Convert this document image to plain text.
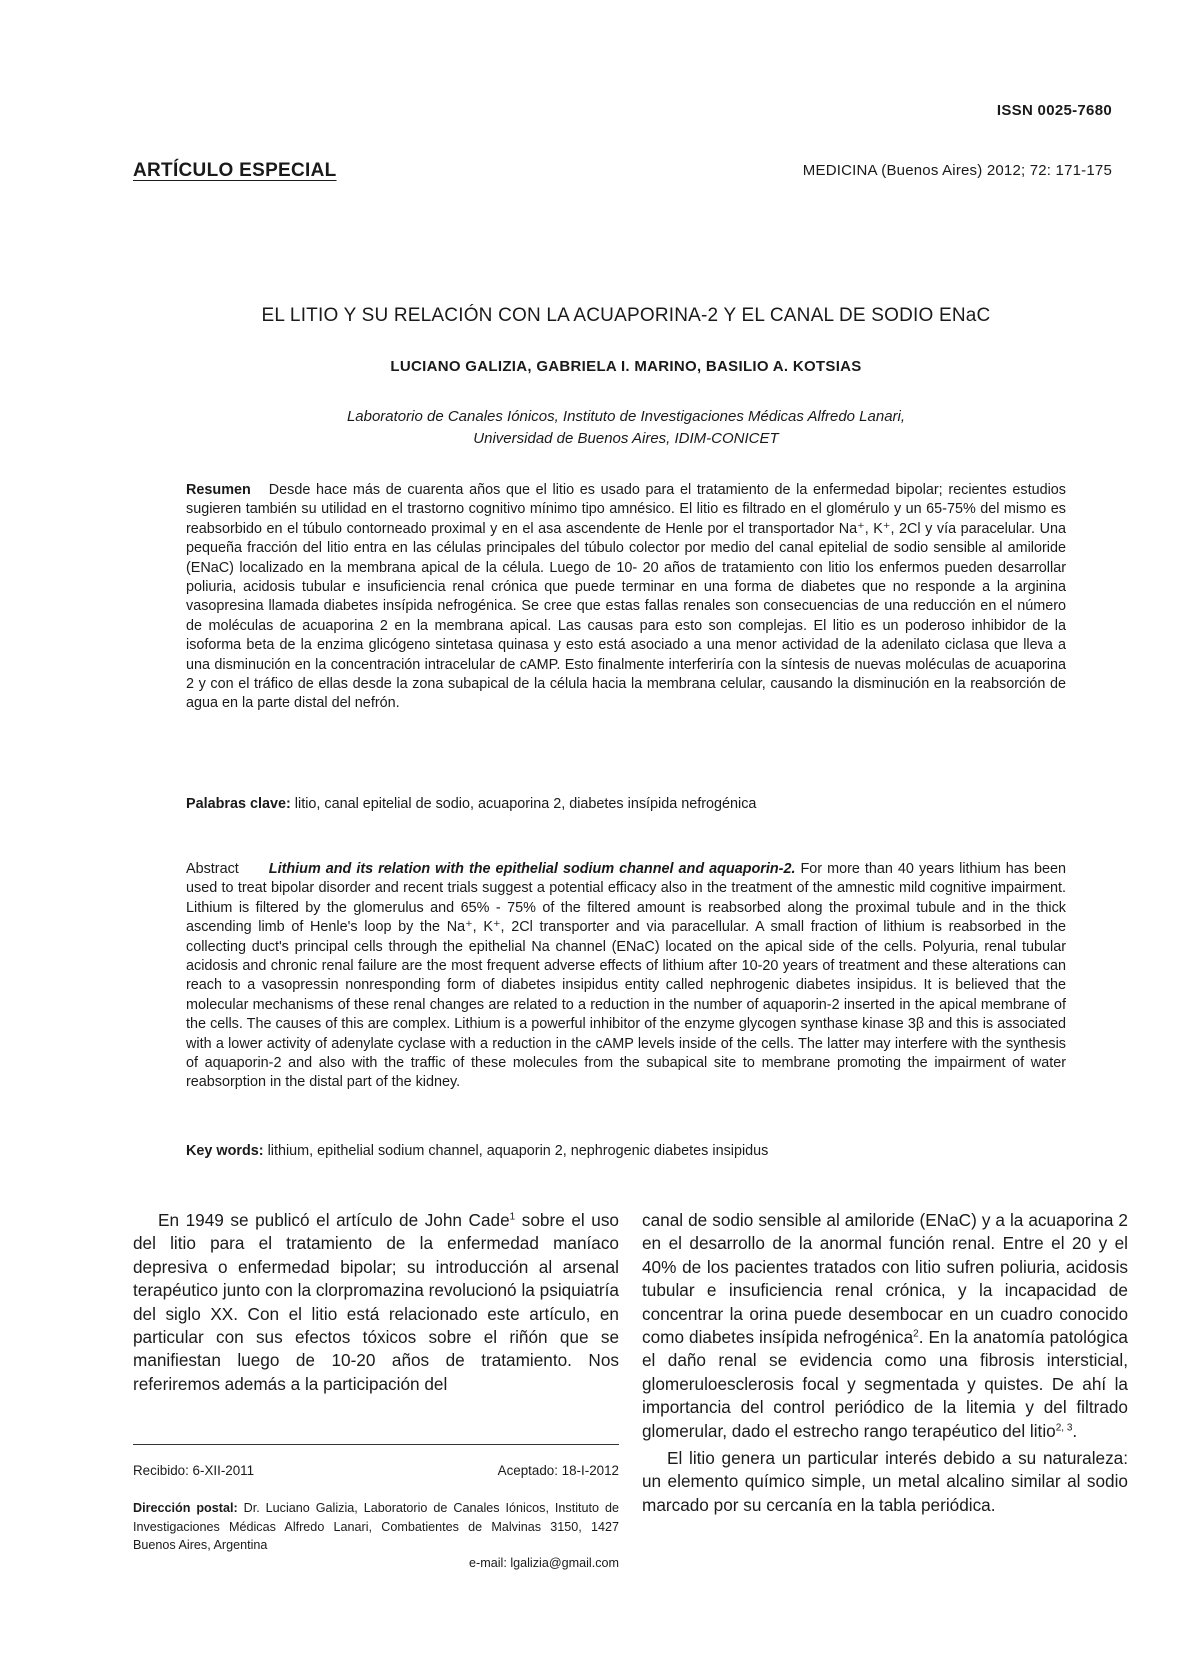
ISSN 0025-7680
ARTÍCULO ESPECIAL	MEDICINA (Buenos Aires) 2012; 72: 171-175
EL LITIO Y SU RELACIÓN CON LA ACUAPORINA-2 Y EL CANAL DE SODIO ENaC
LUCIANO GALIZIA, GABRIELA I. MARINO, BASILIO A. KOTSIAS
Laboratorio de Canales Iónicos, Instituto de Investigaciones Médicas Alfredo Lanari,
Universidad de Buenos Aires, IDIM-CONICET
Resumen Desde hace más de cuarenta años que el litio es usado para el tratamiento de la enfermedad bipolar; recientes estudios sugieren también su utilidad en el trastorno cognitivo mínimo tipo amnésico. El litio es filtrado en el glomérulo y un 65-75% del mismo es reabsorbido en el túbulo contorneado proximal y en el asa ascendente de Henle por el transportador Na⁺, K⁺, 2Cl y vía paracelular. Una pequeña fracción del litio entra en las células principales del túbulo colector por medio del canal epitelial de sodio sensible al amiloride (ENaC) localizado en la membrana apical de la célula. Luego de 10- 20 años de tratamiento con litio los enfermos pueden desarrollar poliuria, acidosis tubular e insuficiencia renal crónica que puede terminar en una forma de diabetes que no responde a la arginina vasopresina llamada diabetes insípida nefrogénica. Se cree que estas fallas renales son consecuencias de una reducción en el número de moléculas de acuaporina 2 en la membrana apical. Las causas para esto son complejas. El litio es un poderoso inhibidor de la isoforma beta de la enzima glicógeno sintetasa quinasa y esto está asociado a una menor actividad de la adenilato ciclasa que lleva a una disminución en la concentración intracelular de cAMP. Esto finalmente interferiría con la síntesis de nuevas moléculas de acuaporina 2 y con el tráfico de ellas desde la zona subapical de la célula hacia la membrana celular, causando la disminución en la reabsorción de agua en la parte distal del nefrón.
Palabras clave: litio, canal epitelial de sodio, acuaporina 2, diabetes insípida nefrogénica
Abstract Lithium and its relation with the epithelial sodium channel and aquaporin-2. For more than 40 years lithium has been used to treat bipolar disorder and recent trials suggest a potential efficacy also in the treatment of the amnestic mild cognitive impairment. Lithium is filtered by the glomerulus and 65% - 75% of the filtered amount is reabsorbed along the proximal tubule and in the thick ascending limb of Henle's loop by the Na⁺, K⁺, 2Cl transporter and via paracellular. A small fraction of lithium is reabsorbed in the collecting duct's principal cells through the epithelial Na channel (ENaC) located on the apical side of the cells. Polyuria, renal tubular acidosis and chronic renal failure are the most frequent adverse effects of lithium after 10-20 years of treatment and these alterations can reach to a vasopressin nonresponding form of diabetes insipidus entity called nephrogenic diabetes insipidus. It is believed that the molecular mechanisms of these renal changes are related to a reduction in the number of aquaporin-2 inserted in the apical membrane of the cells. The causes of this are complex. Lithium is a powerful inhibitor of the enzyme glycogen synthase kinase 3β and this is associated with a lower activity of adenylate cyclase with a reduction in the cAMP levels inside of the cells. The latter may interfere with the synthesis of aquaporin-2 and also with the traffic of these molecules from the subapical site to membrane promoting the impairment of water reabsorption in the distal part of the kidney.
Key words: lithium, epithelial sodium channel, aquaporin 2, nephrogenic diabetes insipidus

En 1949 se publicó el artículo de John Cade$^1$ sobre el uso del litio para el tratamiento de la enfermedad maníaco depresiva o enfermedad bipolar; su introducción al arsenal terapéutico junto con la clorpromazina revolucionó la psiquiatría del siglo XX. Con el litio está relacionado este artículo, en particular con sus efectos tóxicos sobre el riñón que se manifiestan luego de 10-20 años de tratamiento. Nos referiremos además a la participación del

canal de sodio sensible al amiloride (ENaC) y a la acuaporina 2 en el desarrollo de la anormal función renal. Entre el 20 y el 40% de los pacientes tratados con litio sufren poliuria, acidosis tubular e insuficiencia renal crónica, y la incapacidad de concentrar la orina puede desembocar en un cuadro conocido como diabetes insípida nefrogénica$^2$. En la anatomía patológica el daño renal se evidencia como una fibrosis intersticial, glomeruloesclerosis focal y segmentada y quistes. De ahí la importancia del control periódico de la litemia y del filtrado glomerular, dado el estrecho rango terapéutico del litio$^{2, 3}$.

El litio genera un particular interés debido a su naturaleza: un elemento químico simple, un metal alcalino similar al sodio marcado por su cercanía en la tabla periódica.

Recibido: 6-XII-2011	Aceptado: 18-I-2012
Dirección postal: Dr. Luciano Galizia, Laboratorio de Canales Iónicos, Instituto de Investigaciones Médicas Alfredo Lanari, Combatientes de Malvinas 3150, 1427 Buenos Aires, Argentina
e-mail: lgalizia@gmail.com
